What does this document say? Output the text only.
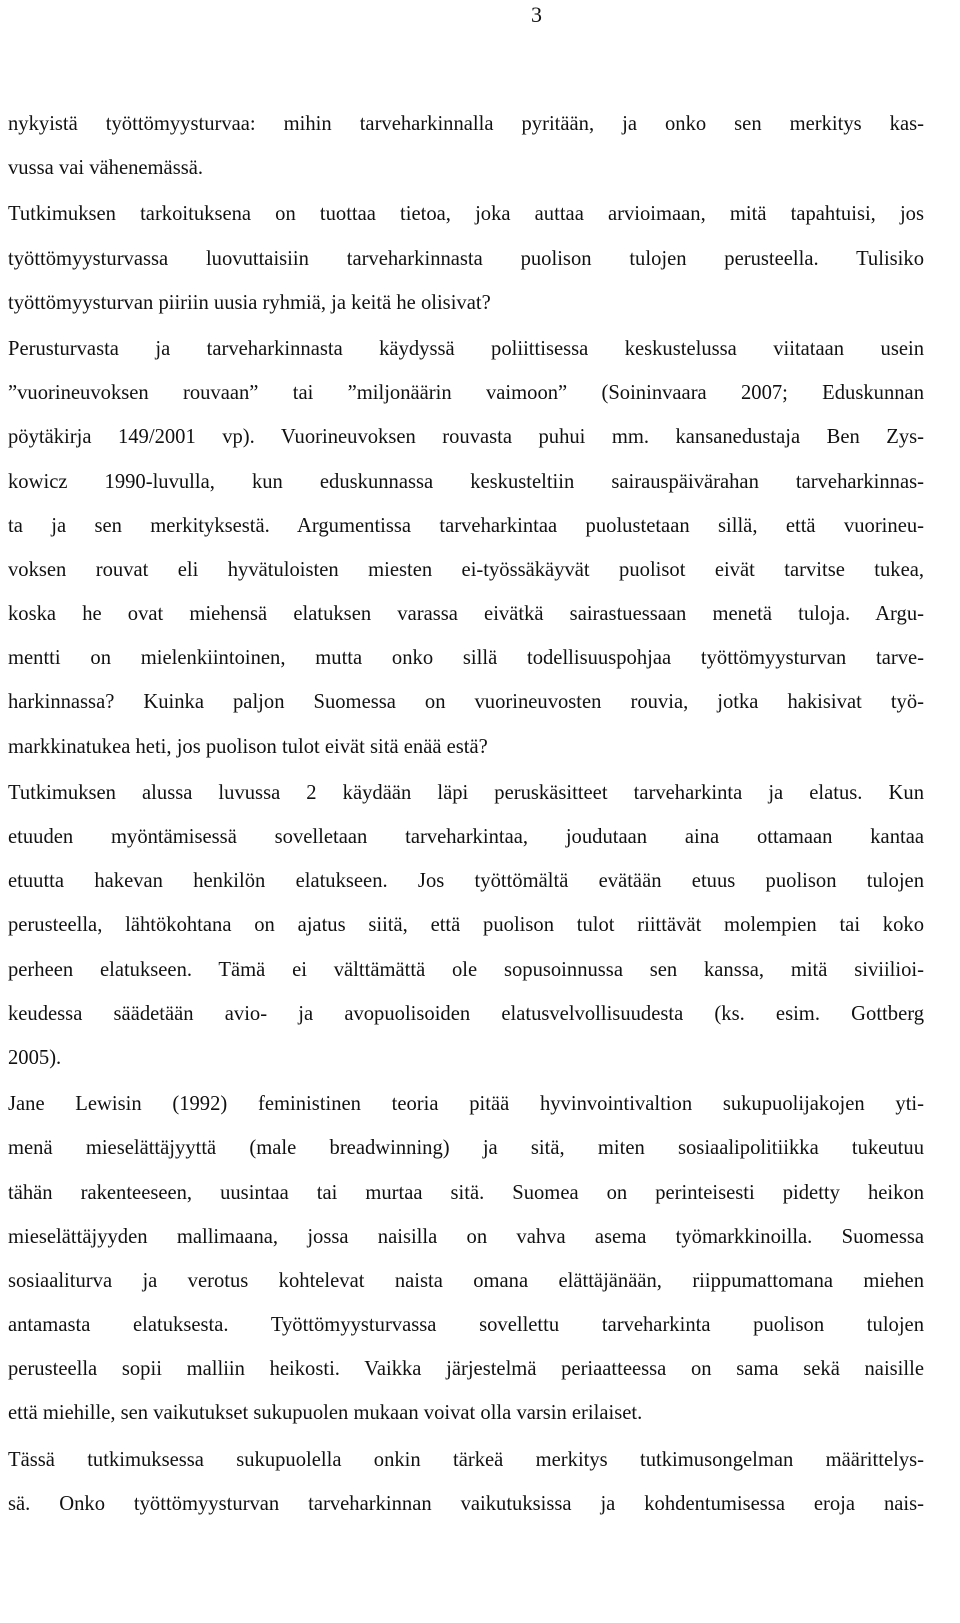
3
nykyistä työttömyysturvaa: mihin tarveharkinnalla pyritään, ja onko sen merkitys kas-
vussa vai vähenemässä.
Tutkimuksen tarkoituksena on tuottaa tietoa, joka auttaa arvioimaan, mitä tapahtuisi, jos
työttömyysturvassa luovuttaisiin tarveharkinnasta puolison tulojen perusteella. Tulisiko
työttömyysturvan piiriin uusia ryhmiä, ja keitä he olisivat?
Perusturvasta ja tarveharkinnasta käydyssä poliittisessa keskustelussa viitataan usein
”vuorineuvoksen rouvaan” tai ”miljonäärin vaimoon” (Soininvaara 2007; Eduskunnan
pöytäkirja 149/2001 vp). Vuorineuvoksen rouvasta puhui mm. kansanedustaja Ben Zys-
kowicz 1990-luvulla, kun eduskunnassa keskusteltiin sairauspäivärahan tarveharkinnas-
ta ja sen merkityksestä. Argumentissa tarveharkintaa puolustetaan sillä, että vuorineu-
voksen rouvat eli hyvätuloisten miesten ei-työssäkäyvät puolisot eivät tarvitse tukea,
koska he ovat miehensä elatuksen varassa eivätkä sairastuessaan menetä tuloja. Argu-
mentti on mielenkiintoinen, mutta onko sillä todellisuuspohjaa työttömyysturvan tarve-
harkinnassa? Kuinka paljon Suomessa on vuorineuvosten rouvia, jotka hakisivat työ-
markkinatukea heti, jos puolison tulot eivät sitä enää estä?
Tutkimuksen alussa luvussa 2 käydään läpi peruskäsitteet tarveharkinta ja elatus. Kun
etuuden myöntämisessä sovelletaan tarveharkintaa, joudutaan aina ottamaan kantaa
etuutta hakevan henkilön elatukseen. Jos työttömältä evätään etuus puolison tulojen
perusteella, lähtökohtana on ajatus siitä, että puolison tulot riittävät molempien tai koko
perheen elatukseen. Tämä ei välttämättä ole sopusoinnussa sen kanssa, mitä siviilioi-
keudessa säädetään avio- ja avopuolisoiden elatusvelvollisuudesta (ks. esim. Gottberg
2005).
Jane Lewisin (1992) feministinen teoria pitää hyvinvointivaltion sukupuolijakojen yti-
menä mieselättäjyyttä (male breadwinning) ja sitä, miten sosiaalipolitiikka tukeutuu
tähän rakenteeseen, uusintaa tai murtaa sitä. Suomea on perinteisesti pidetty heikon
mieselättäjyyden mallimaana, jossa naisilla on vahva asema työmarkkinoilla. Suomessa
sosiaaliturva ja verotus kohtelevat naista omana elättäjänään, riippumattomana miehen
antamasta elatuksesta. Työttömyysturvassa sovellettu tarveharkinta puolison tulojen
perusteella sopii malliin heikosti. Vaikka järjestelmä periaatteessa on sama sekä naisille
että miehille, sen vaikutukset sukupuolen mukaan voivat olla varsin erilaiset.
Tässä tutkimuksessa sukupuolella onkin tärkeä merkitys tutkimusongelman määrittelys-
sä. Onko työttömyysturvan tarveharkinnan vaikutuksissa ja kohdentumisessa eroja nais-
